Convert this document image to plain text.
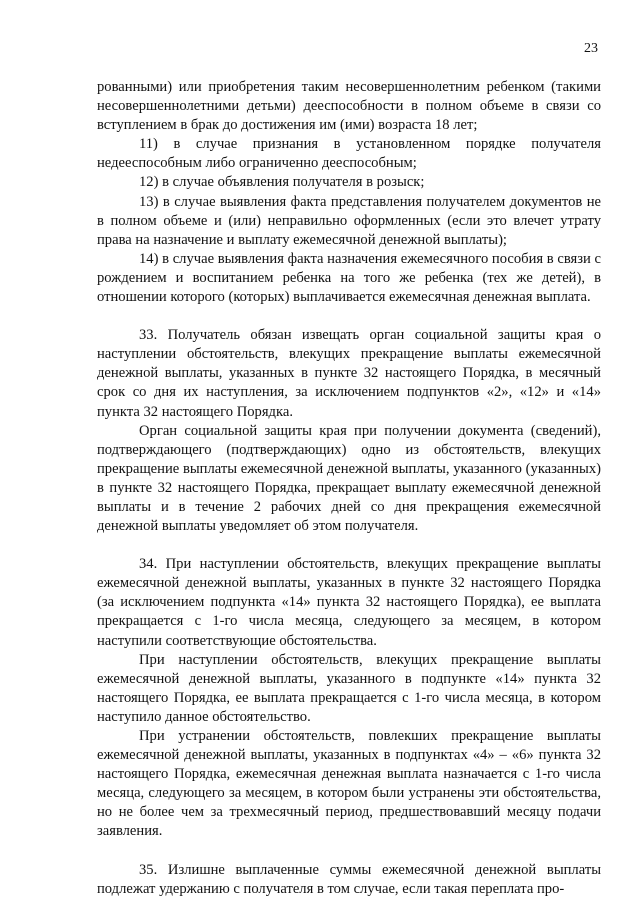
23

рованными) или приобретения таким несовершеннолетним ребенком (такими несовершеннолетними детьми) дееспособности в полном объеме в связи со вступлением в брак до достижения им (ими) возраста 18 лет;

11) в случае признания в установленном порядке получателя недееспособным либо ограниченно дееспособным;

12) в случае объявления получателя в розыск;

13) в случае выявления факта представления получателем документов не в полном объеме и (или) неправильно оформленных (если это влечет утрату права на назначение и выплату ежемесячной денежной выплаты);

14) в случае выявления факта назначения ежемесячного пособия в связи с рождением и воспитанием ребенка на того же ребенка (тех же детей), в отношении которого (которых) выплачивается ежемесячная денежная выплата.

33. Получатель обязан извещать орган социальной защиты края о наступлении обстоятельств, влекущих прекращение выплаты ежемесячной денежной выплаты, указанных в пункте 32 настоящего Порядка, в месячный срок со дня их наступления, за исключением подпунктов «2», «12» и «14» пункта 32 настоящего Порядка.

Орган социальной защиты края при получении документа (сведений), подтверждающего (подтверждающих) одно из обстоятельств, влекущих прекращение выплаты ежемесячной денежной выплаты, указанного (указанных) в пункте 32 настоящего Порядка, прекращает выплату ежемесячной денежной выплаты и в течение 2 рабочих дней со дня прекращения ежемесячной денежной выплаты уведомляет об этом получателя.

34. При наступлении обстоятельств, влекущих прекращение выплаты ежемесячной денежной выплаты, указанных в пункте 32 настоящего Порядка (за исключением подпункта «14» пункта 32 настоящего Порядка), ее выплата прекращается с 1-го числа месяца, следующего за месяцем, в котором наступили соответствующие обстоятельства.

При наступлении обстоятельств, влекущих прекращение выплаты ежемесячной денежной выплаты, указанного в подпункте «14» пункта 32 настоящего Порядка, ее выплата прекращается с 1-го числа месяца, в котором наступило данное обстоятельство.

При устранении обстоятельств, повлекших прекращение выплаты ежемесячной денежной выплаты, указанных в подпунктах «4» – «6» пункта 32 настоящего Порядка, ежемесячная денежная выплата назначается с 1-го числа месяца, следующего за месяцем, в котором были устранены эти обстоятельства, но не более чем за трехмесячный период, предшествовавший месяцу подачи заявления.

35. Излишне выплаченные суммы ежемесячной денежной выплаты подлежат удержанию с получателя в том случае, если такая переплата про-
